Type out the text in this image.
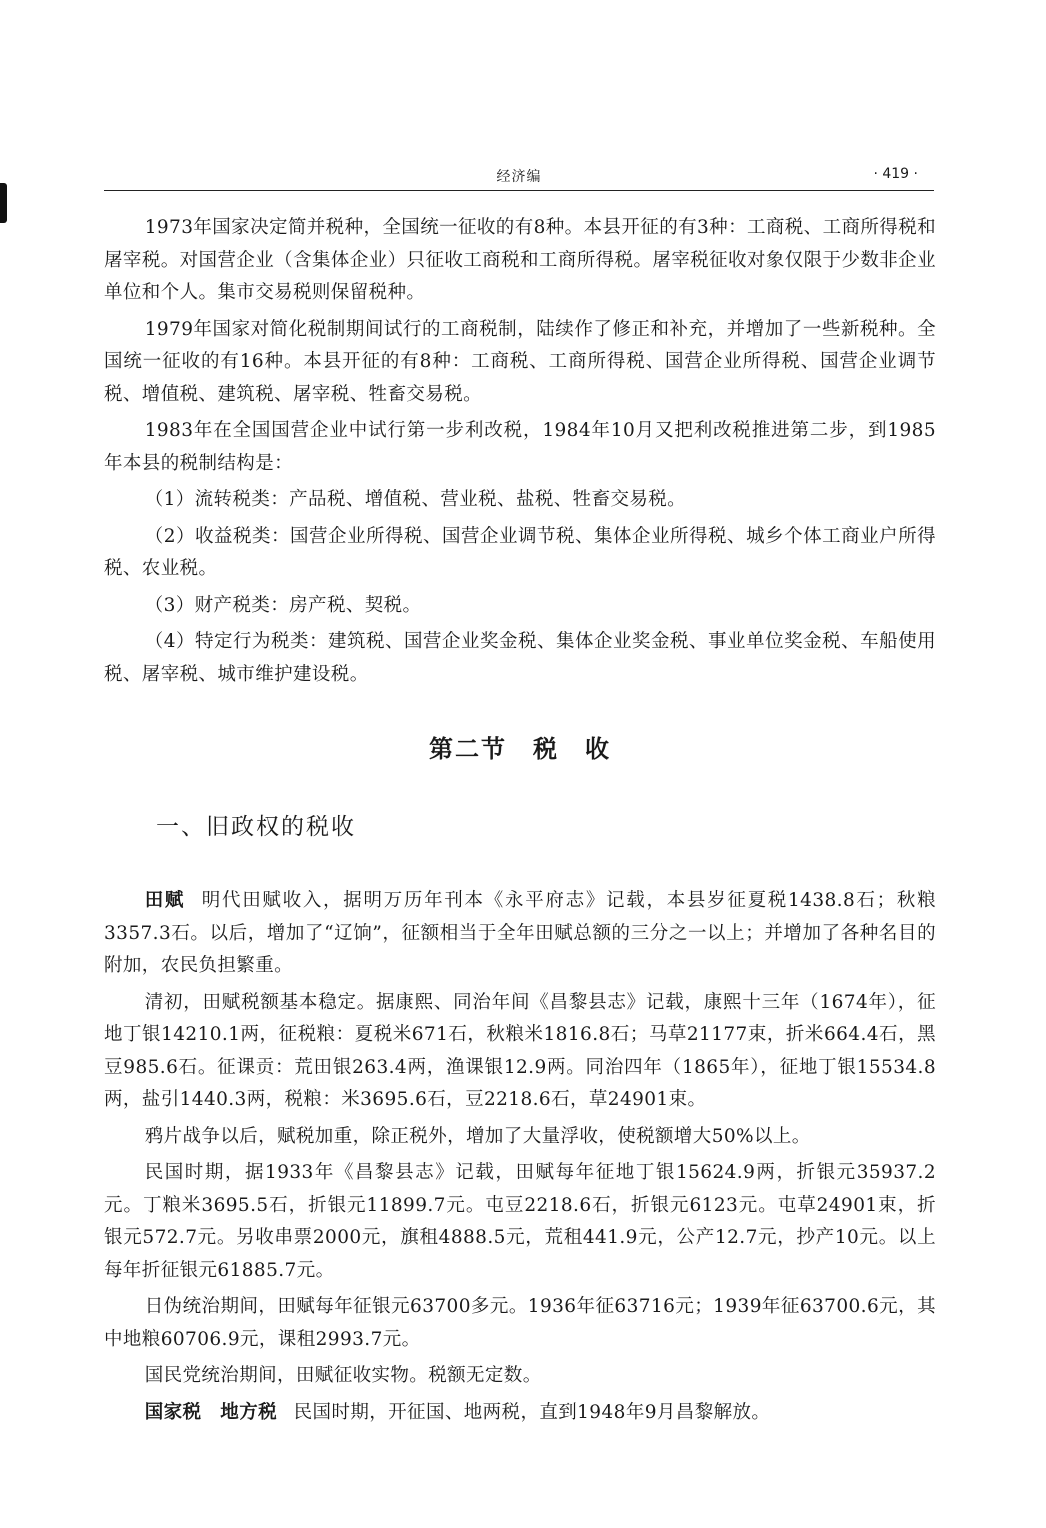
经济编	· 419 ·

1973年国家决定简并税种，全国统一征收的有8种。本县开征的有3种：工商税、工商所得税和屠宰税。对国营企业（含集体企业）只征收工商税和工商所得税。屠宰税征收对象仅限于少数非企业单位和个人。集市交易税则保留税种。

1979年国家对简化税制期间试行的工商税制，陆续作了修正和补充，并增加了一些新税种。全国统一征收的有16种。本县开征的有8种：工商税、工商所得税、国营企业所得税、国营企业调节税、增值税、建筑税、屠宰税、牲畜交易税。

1983年在全国国营企业中试行第一步利改税，1984年10月又把利改税推进第二步，到1985年本县的税制结构是：

（1）流转税类：产品税、增值税、营业税、盐税、牲畜交易税。

（2）收益税类：国营企业所得税、国营企业调节税、集体企业所得税、城乡个体工商业户所得税、农业税。

（3）财产税类：房产税、契税。

（4）特定行为税类：建筑税、国营企业奖金税、集体企业奖金税、事业单位奖金税、车船使用税、屠宰税、城市维护建设税。

第二节　税　收
一、旧政权的税收

田赋 明代田赋收入，据明万历年刊本《永平府志》记载，本县岁征夏税1438.8石；秋粮3357.3石。以后，增加了“辽饷”，征额相当于全年田赋总额的三分之一以上；并增加了各种名目的附加，农民负担繁重。

清初，田赋税额基本稳定。据康熙、同治年间《昌黎县志》记载，康熙十三年（1674年），征地丁银14210.1两，征税粮：夏税米671石，秋粮米1816.8石；马草21177束，折米664.4石，黑豆985.6石。征课贡：荒田银263.4两，渔课银12.9两。同治四年（1865年），征地丁银15534.8两，盐引1440.3两，税粮：米3695.6石，豆2218.6石，草24901束。

鸦片战争以后，赋税加重，除正税外，增加了大量浮收，使税额增大50%以上。

民国时期，据1933年《昌黎县志》记载，田赋每年征地丁银15624.9两，折银元35937.2元。丁粮米3695.5石，折银元11899.7元。屯豆2218.6石，折银元6123元。屯草24901束，折银元572.7元。另收串票2000元，旗租4888.5元，荒租441.9元，公产12.7元，抄产10元。以上每年折征银元61885.7元。

日伪统治期间，田赋每年征银元63700多元。1936年征63716元；1939年征63700.6元，其中地粮60706.9元，课租2993.7元。

国民党统治期间，田赋征收实物。税额无定数。

国家税　地方税 民国时期，开征国、地两税，直到1948年9月昌黎解放。
